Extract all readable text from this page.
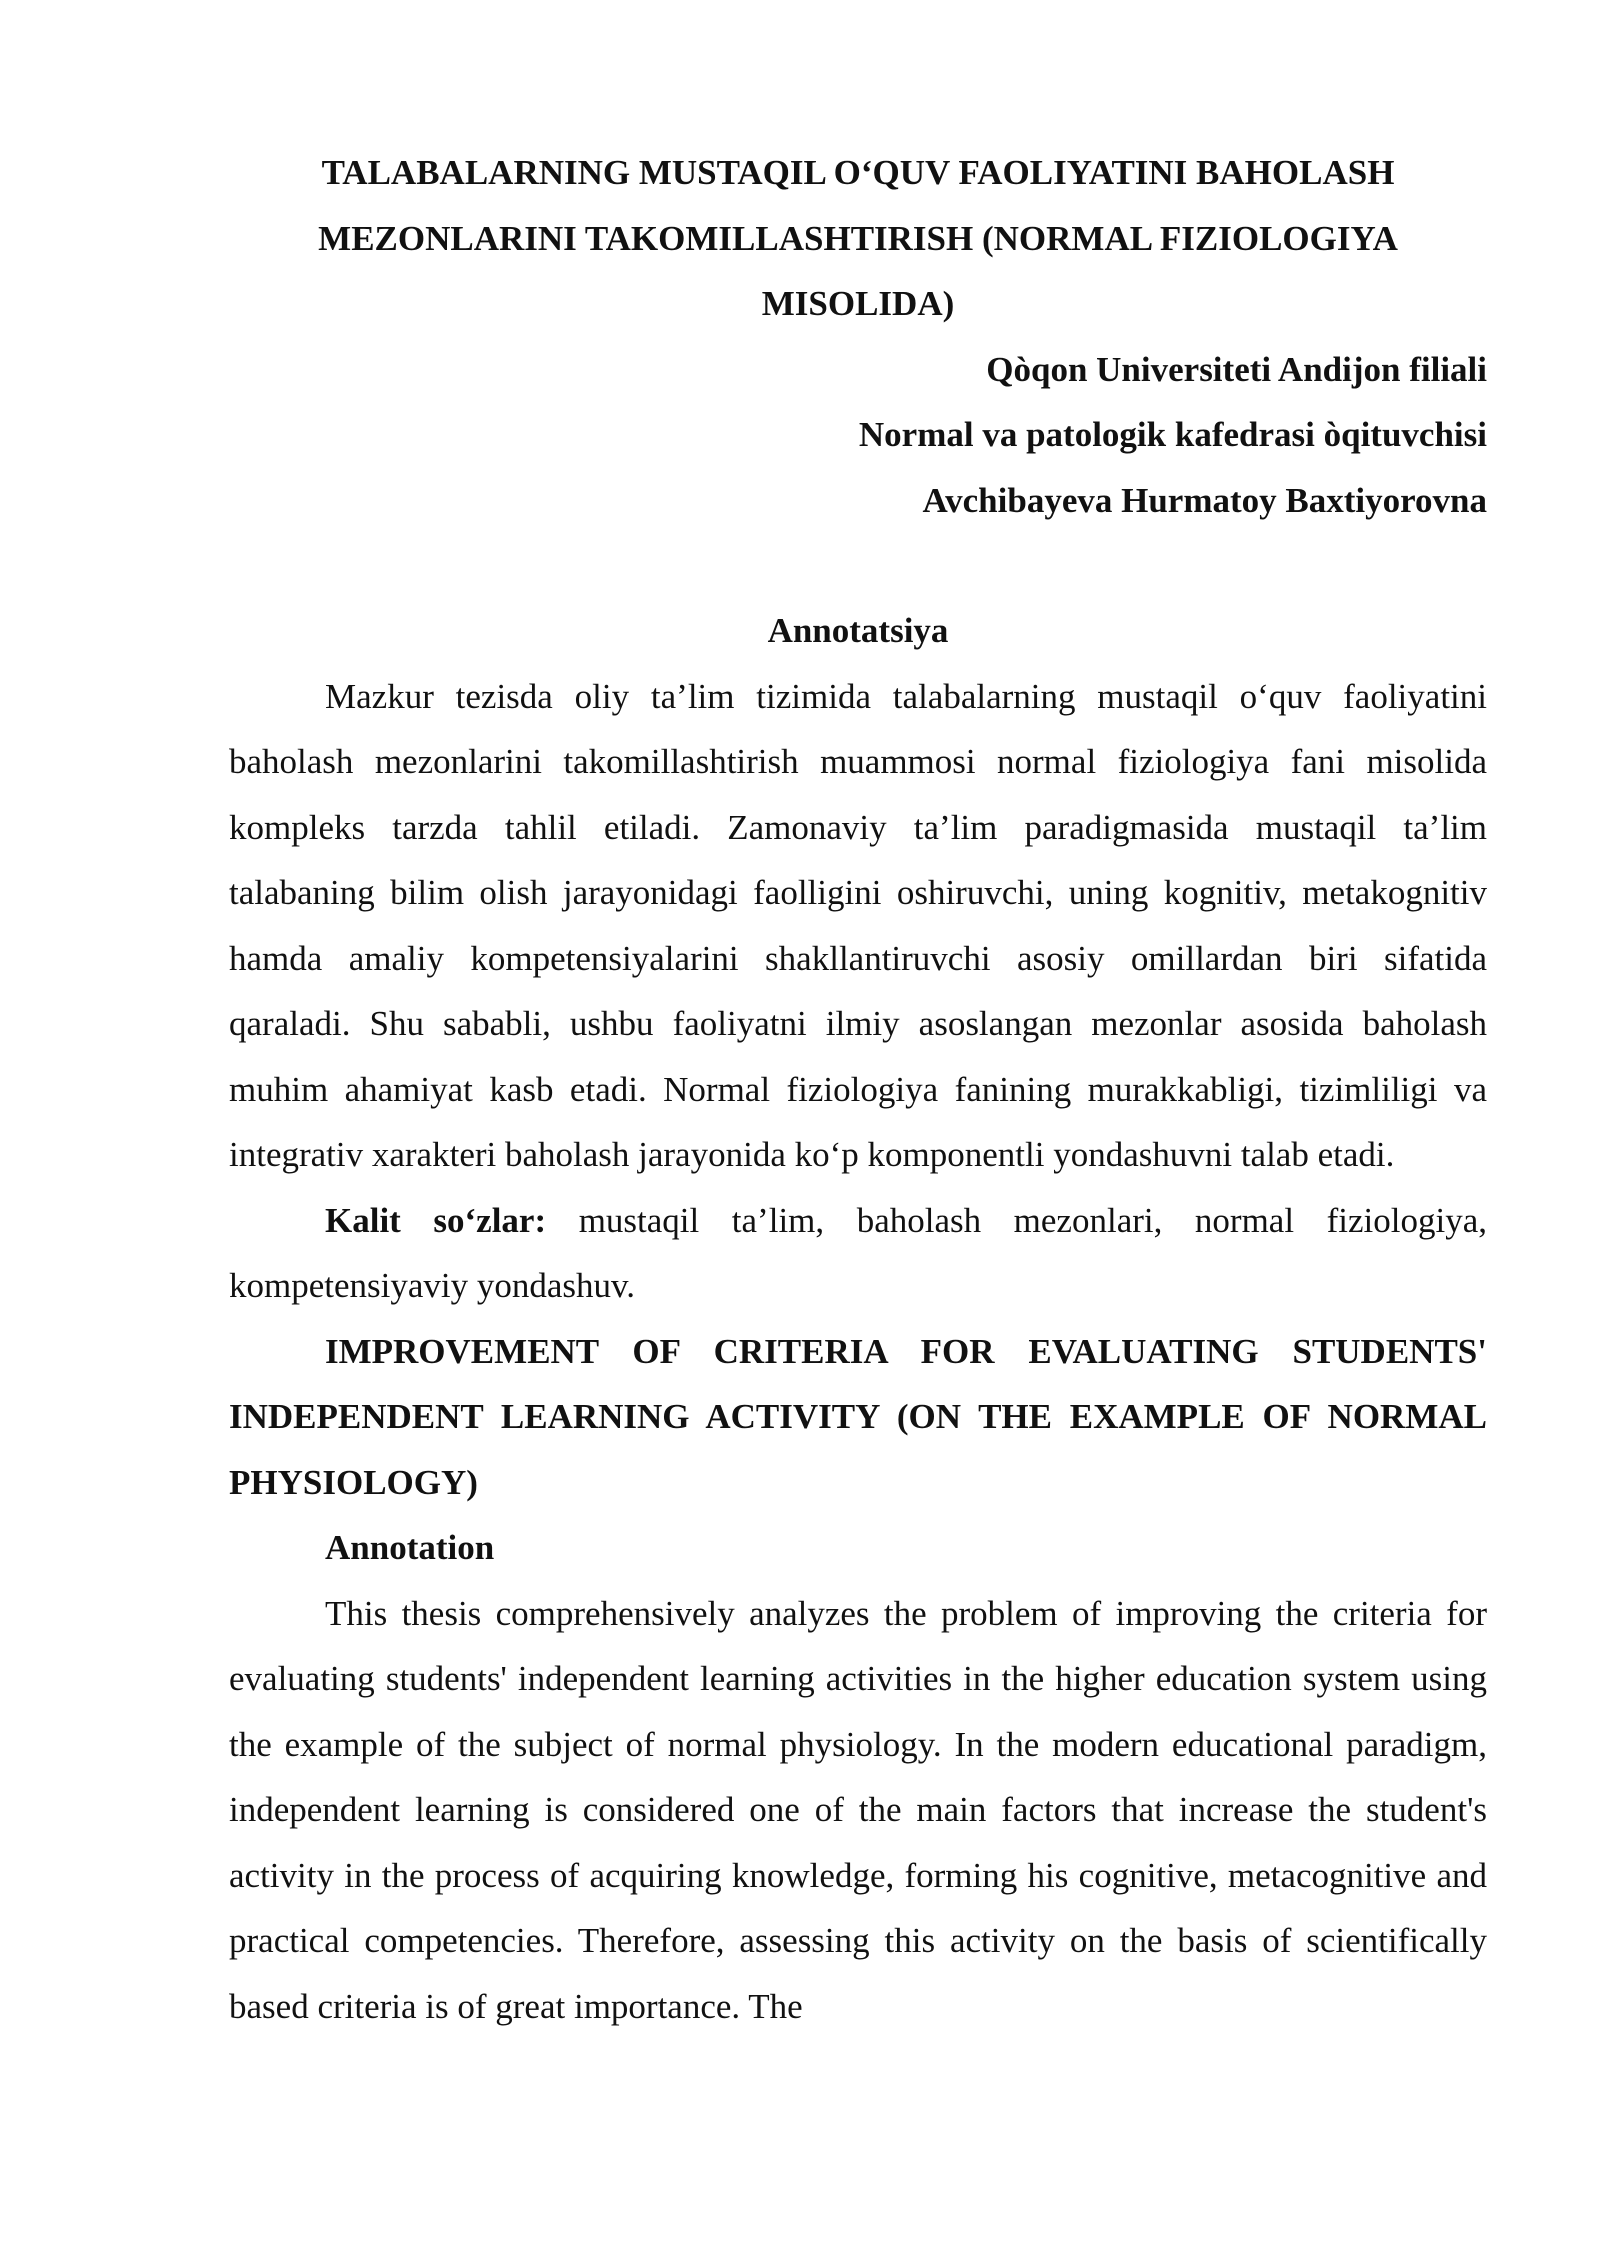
TALABALARNING MUSTAQIL O‘QUV FAOLIYATINI BAHOLASH MEZONLARINI TAKOMILLASHTIRISH (NORMAL FIZIOLOGIYA MISOLIDA)

Qòqon Universiteti Andijon filiali

Normal va patologik kafedrasi òqituvchisi

Avchibayeva Hurmatoy Baxtiyorovna

Annotatsiya

Mazkur tezisda oliy ta’lim tizimida talabalarning mustaqil o‘quv faoliyatini baholash mezonlarini takomillashtirish muammosi normal fiziologiya fani misolida kompleks tarzda tahlil etiladi. Zamonaviy ta’lim paradigmasida mustaqil ta’lim talabaning bilim olish jarayonidagi faolligini oshiruvchi, uning kognitiv, metakognitiv hamda amaliy kompetensiyalarini shakllantiruvchi asosiy omillardan biri sifatida qaraladi. Shu sababli, ushbu faoliyatni ilmiy asoslangan mezonlar asosida baholash muhim ahamiyat kasb etadi. Normal fiziologiya fanining murakkabligi, tizimliligi va integrativ xarakteri baholash jarayonida ko‘p komponentli yondashuvni talab etadi.

Kalit so‘zlar: mustaqil ta’lim, baholash mezonlari, normal fiziologiya, kompetensiyaviy yondashuv.

IMPROVEMENT OF CRITERIA FOR EVALUATING STUDENTS' INDEPENDENT LEARNING ACTIVITY (ON THE EXAMPLE OF NORMAL PHYSIOLOGY)

Annotation

This thesis comprehensively analyzes the problem of improving the criteria for evaluating students' independent learning activities in the higher education system using the example of the subject of normal physiology. In the modern educational paradigm, independent learning is considered one of the main factors that increase the student's activity in the process of acquiring knowledge, forming his cognitive, metacognitive and practical competencies. Therefore, assessing this activity on the basis of scientifically based criteria is of great importance. The
